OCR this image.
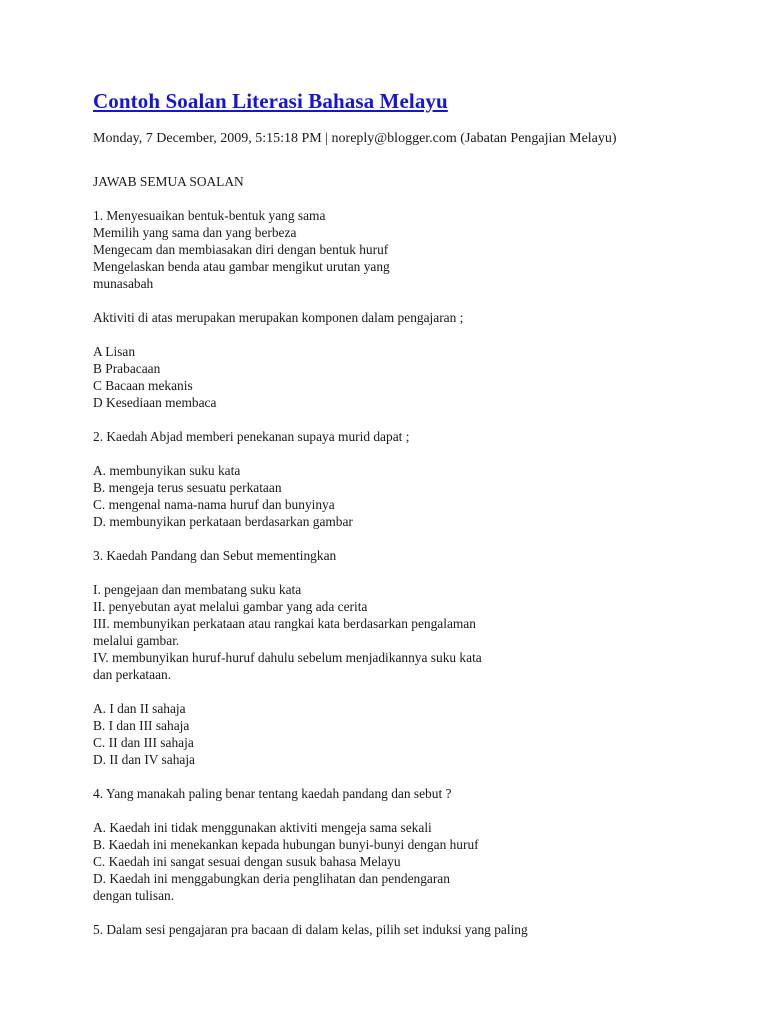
Contoh Soalan Literasi Bahasa Melayu
Monday, 7 December, 2009, 5:15:18 PM | noreply@blogger.com (Jabatan Pengajian Melayu)
JAWAB SEMUA SOALAN
1. Menyesuaikan bentuk-bentuk yang sama
Memilih yang sama dan yang berbeza
Mengecam dan membiasakan diri dengan bentuk huruf
Mengelaskan benda atau gambar mengikut urutan yang
munasabah
Aktiviti di atas merupakan merupakan komponen dalam pengajaran ;
A Lisan
B Prabacaan
C Bacaan mekanis
D Kesediaan membaca
2. Kaedah Abjad memberi penekanan supaya murid dapat ;
A. membunyikan suku kata
B. mengeja terus sesuatu perkataan
C. mengenal nama-nama huruf dan bunyinya
D. membunyikan perkataan berdasarkan gambar
3. Kaedah Pandang dan Sebut mementingkan
I. pengejaan dan membatang suku kata
II. penyebutan ayat melalui gambar yang ada cerita
III. membunyikan perkataan atau rangkai kata berdasarkan pengalaman
melalui gambar.
IV. membunyikan huruf-huruf dahulu sebelum menjadikannya suku kata
dan perkataan.
A. I dan II sahaja
B. I dan III sahaja
C. II dan III sahaja
D. II dan IV sahaja
4. Yang manakah paling benar tentang kaedah pandang dan sebut ?
A. Kaedah ini tidak menggunakan aktiviti mengeja sama sekali
B. Kaedah ini menekankan kepada hubungan bunyi-bunyi dengan huruf
C. Kaedah ini sangat sesuai dengan susuk bahasa Melayu
D. Kaedah ini menggabungkan deria penglihatan dan pendengaran
dengan tulisan.
5. Dalam sesi pengajaran pra bacaan di dalam kelas, pilih set induksi yang paling
